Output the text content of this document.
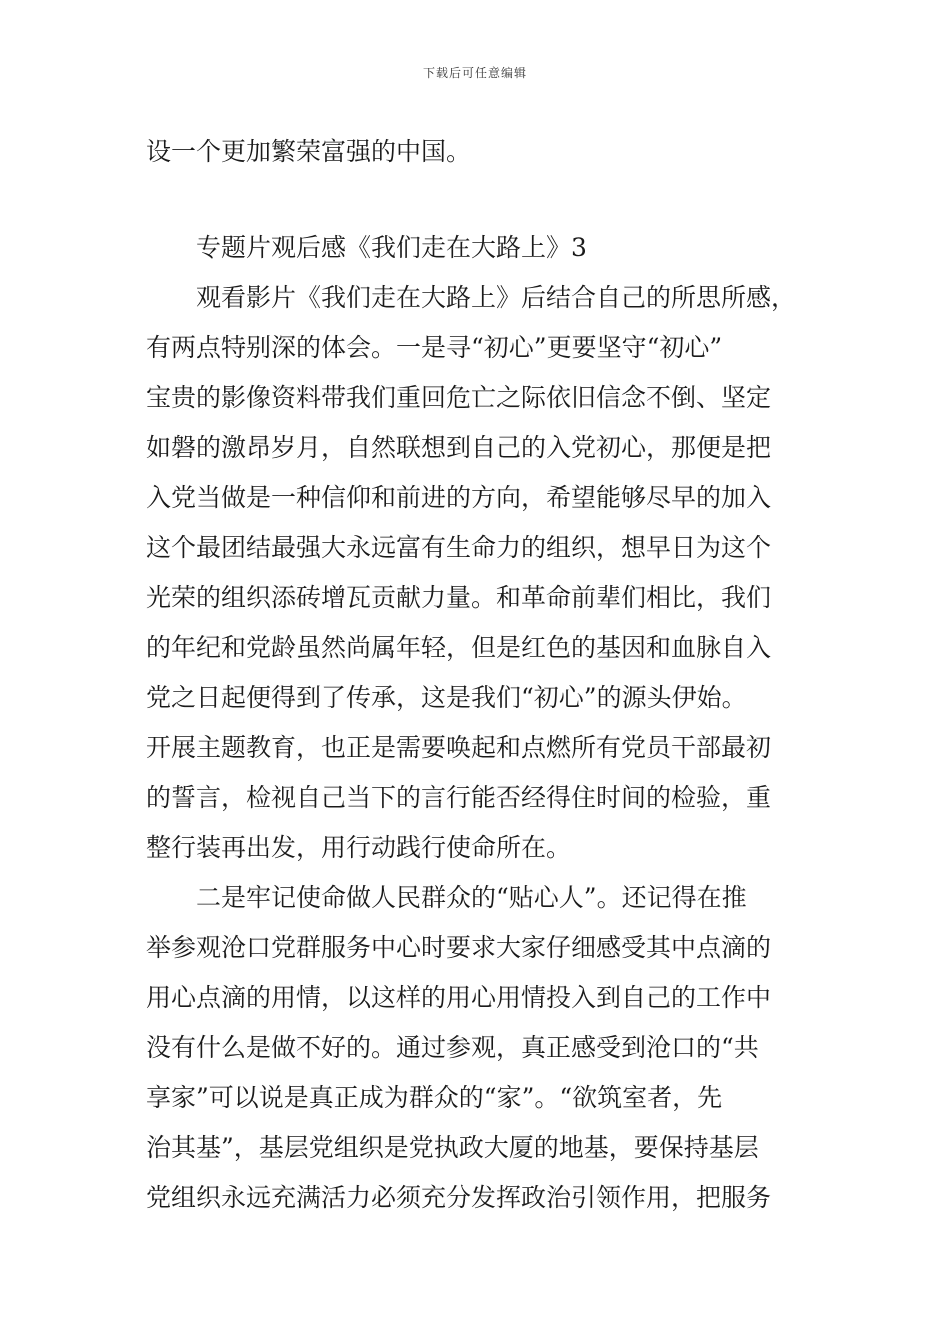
下载后可任意编辑
设一个更加繁荣富强的中国。
专题片观后感《我们走在大路上》3
观看影片《我们走在大路上》后结合自己的所思所感，
有两点特别深的体会。一是寻“初心”更要坚守“初心”
宝贵的影像资料带我们重回危亡之际依旧信念不倒、坚定
如磐的激昂岁月，自然联想到自己的入党初心，那便是把
入党当做是一种信仰和前进的方向，希望能够尽早的加入
这个最团结最强大永远富有生命力的组织，想早日为这个
光荣的组织添砖增瓦贡献力量。和革命前辈们相比，我们
的年纪和党龄虽然尚属年轻，但是红色的基因和血脉自入
党之日起便得到了传承，这是我们“初心”的源头伊始。
开展主题教育，也正是需要唤起和点燃所有党员干部最初
的誓言，检视自己当下的言行能否经得住时间的检验，重
整行装再出发，用行动践行使命所在。
二是牢记使命做人民群众的“贴心人”。还记得在推
举参观沧口党群服务中心时要求大家仔细感受其中点滴的
用心点滴的用情，以这样的用心用情投入到自己的工作中
没有什么是做不好的。通过参观，真正感受到沧口的“共
享家”可以说是真正成为群众的“家”。“欲筑室者，先
治其基”，基层党组织是党执政大厦的地基，要保持基层
党组织永远充满活力必须充分发挥政治引领作用，把服务
